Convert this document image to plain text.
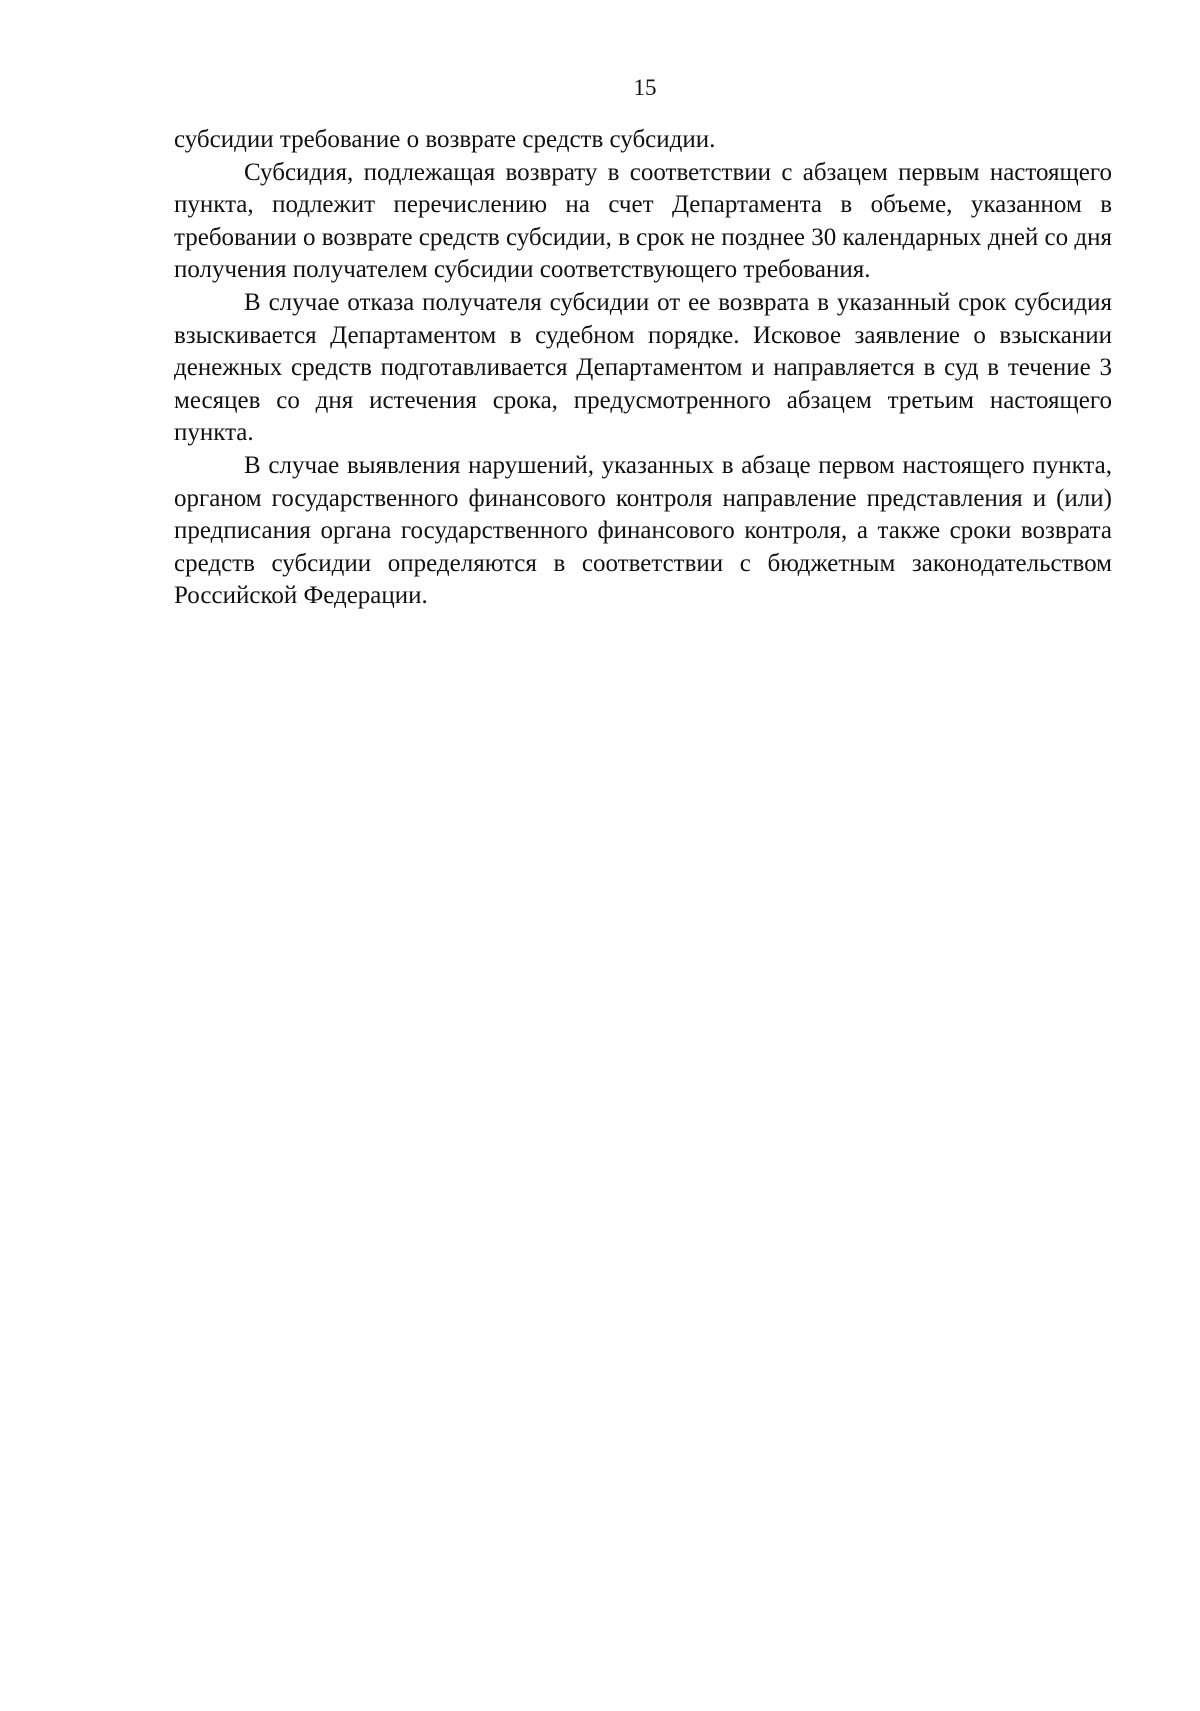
15

субсидии требование о возврате средств субсидии.

Субсидия, подлежащая возврату в соответствии с абзацем первым настоящего пункта, подлежит перечислению на счет Департамента в объеме, указанном в требовании о возврате средств субсидии, в срок не позднее 30 календарных дней со дня получения получателем субсидии соответствующего требования.

В случае отказа получателя субсидии от ее возврата в указанный срок субсидия взыскивается Департаментом в судебном порядке. Исковое заявление о взыскании денежных средств подготавливается Департаментом и направляется в суд в течение 3 месяцев со дня истечения срока, предусмотренного абзацем третьим настоящего пункта.

В случае выявления нарушений, указанных в абзаце первом настоящего пункта, органом государственного финансового контроля направление представления и (или) предписания органа государственного финансового контроля, а также сроки возврата средств субсидии определяются в соответствии с бюджетным законодательством Российской Федерации.
